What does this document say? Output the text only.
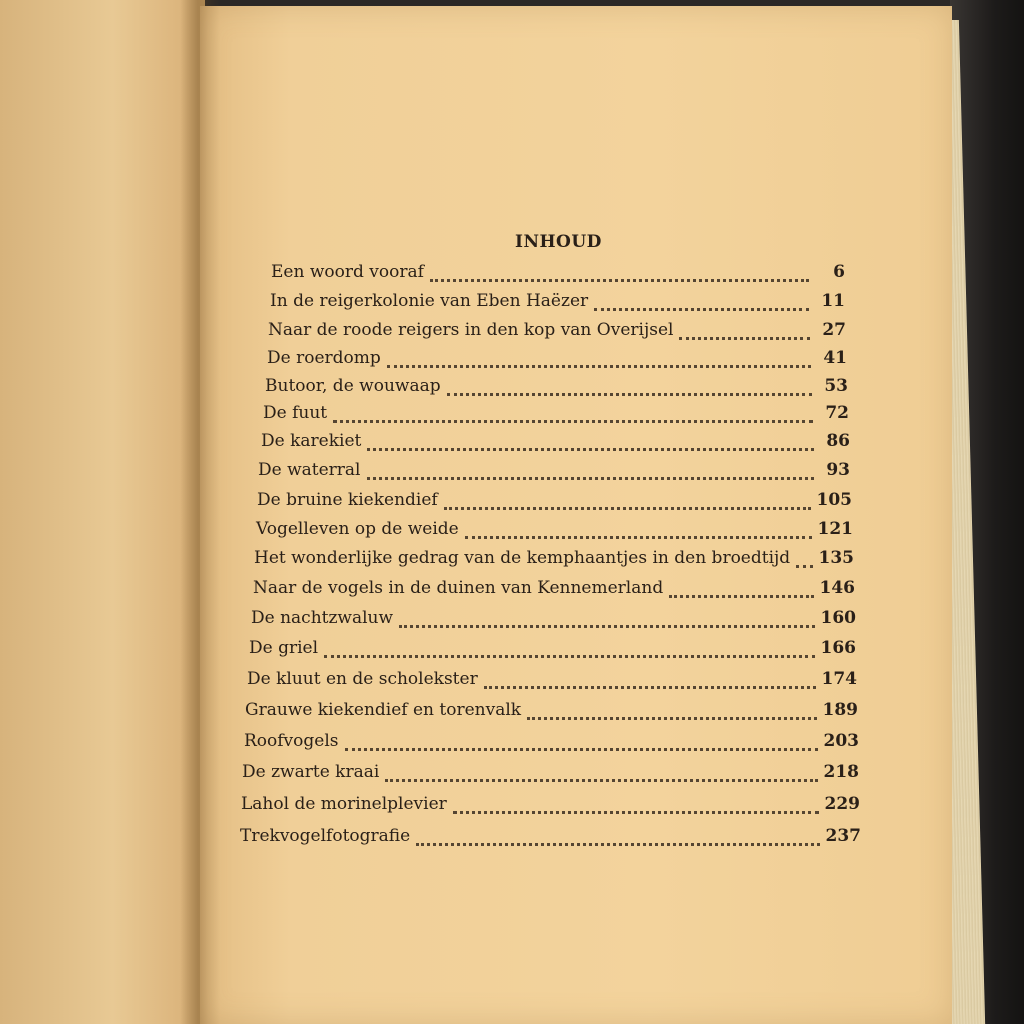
INHOUD
Een woord vooraf	6
In de reigerkolonie van Eben Haëzer	11
Naar de roode reigers in den kop van Overijsel	27
De roerdomp	41
Butoor, de wouwaap	53
De fuut	72
De karekiet	86
De waterral	93
De bruine kiekendief	105
Vogelleven op de weide	121
Het wonderlijke gedrag van de kemphaantjes in den broedtijd 135
Naar de vogels in de duinen van Kennemerland	146
De nachtzwaluw	160
De griel	166
De kluut en de scholekster	174
Grauwe kiekendief en torenvalk	189
Roofvogels	203
De zwarte kraai	218
Lahol de morinelplevier	229
Trekvogelfotografie	237
